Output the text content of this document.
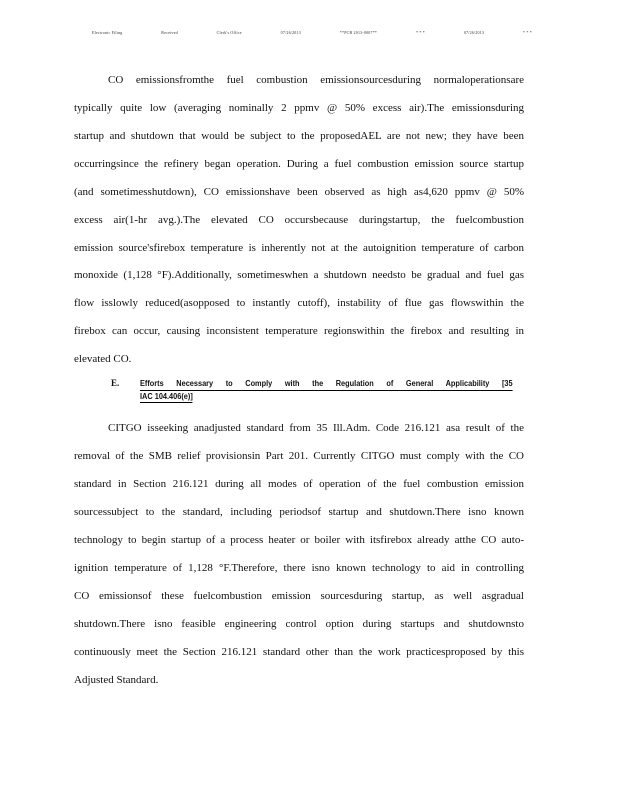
Electronic Filing	Received	Clerk's Office	07/26/2013	**PCB 2013-0007**	* * *	07/26/2013	* * *
CO emissionsfromthe fuel combustion emissionsourcesduring normaloperationsare
typically quite low (averaging nominally 2 ppmv @ 50% excess air).The emissionsduring
startup and shutdown that would be subject to the proposedAEL are not new; they have been
occurringsince the refinery began operation. During a fuel combustion emission source startup
(and sometimesshutdown), CO emissionshave been observed as high as4,620 ppmv @ 50%
excess air(1-hr avg.).The elevated CO occursbecause duringstartup, the fuelcombustion
emission source'sfirebox temperature is inherently not at the autoignition temperature of carbon
monoxide (1,128 °F).Additionally, sometimeswhen a shutdown needsto be gradual and fuel gas
flow isslowly reduced(asopposed to instantly cutoff), instability of flue gas flowswithin the
firebox can occur, causing inconsistent temperature regionswithin the firebox and resulting in
elevated CO.
E.	Efforts Necessary to Comply with the Regulation of General Applicability [35
IAC 104.406(e)]
CITGO isseeking anadjusted standard from 35 Ill.Adm. Code 216.121 asa result of the
removal of the SMB relief provisionsin Part 201. Currently CITGO must comply with the CO
standard in Section 216.121 during all modes of operation of the fuel combustion emission
sourcessubject to the standard, including periodsof startup and shutdown.There isno known
technology to begin startup of a process heater or boiler with itsfirebox already atthe CO auto-
ignition temperature of 1,128 °F.Therefore, there isno known technology to aid in controlling
CO emissionsof these fuelcombustion emission sourcesduring startup, as well asgradual
shutdown.There isno feasible engineering control option during startups and shutdownsto
continuously meet the Section 216.121 standard other than the work practicesproposed by this
Adjusted Standard.
